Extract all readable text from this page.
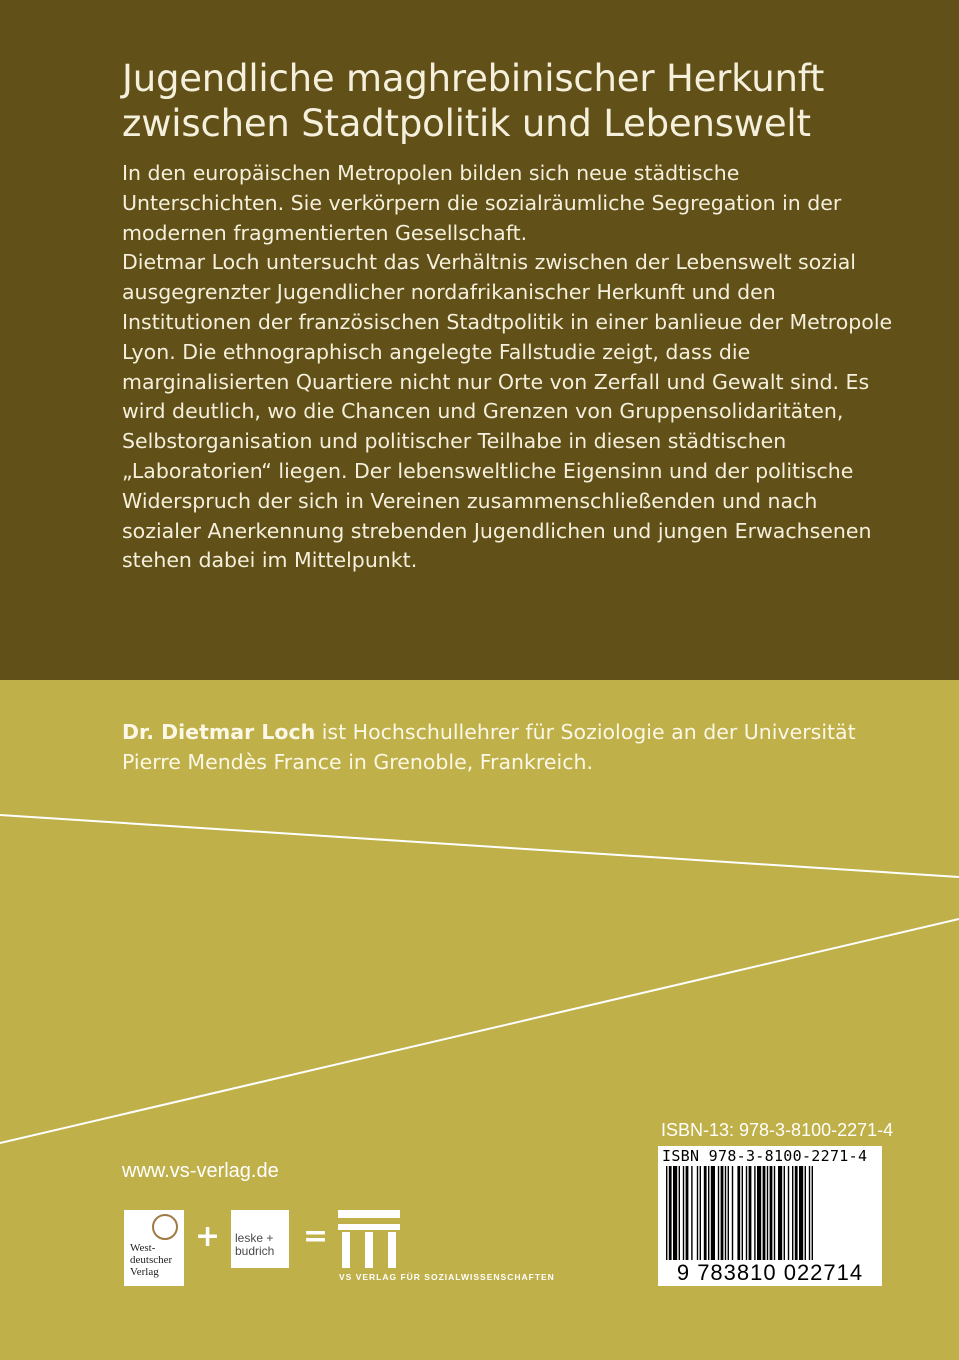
Jugendliche maghrebinischer Herkunft
zwischen Stadtpolitik und Lebenswelt

In den europäischen Metropolen bilden sich neue städtische Unterschichten. Sie verkörpern die sozialräumliche Segregation in der modernen fragmentierten Gesellschaft.

Dietmar Loch untersucht das Verhältnis zwischen der Lebenswelt sozial ausgegrenzter Jugendlicher nordafrikanischer Herkunft und den Institutionen der französischen Stadtpolitik in einer banlieue der Metropole Lyon. Die ethnographisch angelegte Fallstudie zeigt, dass die marginalisierten Quartiere nicht nur Orte von Zerfall und Gewalt sind. Es wird deutlich, wo die Chancen und Grenzen von Gruppensolidaritäten, Selbstorganisation und politischer Teilhabe in diesen städtischen „Laboratorien“ liegen. Der lebensweltliche Eigensinn und der politische Widerspruch der sich in Vereinen zusammenschließenden und nach sozialer Anerkennung strebenden Jugendlichen und jungen Erwachsenen stehen dabei im Mittelpunkt.

Dr. Dietmar Loch ist Hochschullehrer für Soziologie an der Universität Pierre Mendès France in Grenoble, Frankreich.
ISBN-13: 978-3-8100-2271-4
ISBN 978-3-8100-2271-4
9 783810 022714
www.vs-verlag.de
West-
deutscher
Verlag
+ leske +
budrich =
VS VERLAG FÜR SOZIALWISSENSCHAFTEN
